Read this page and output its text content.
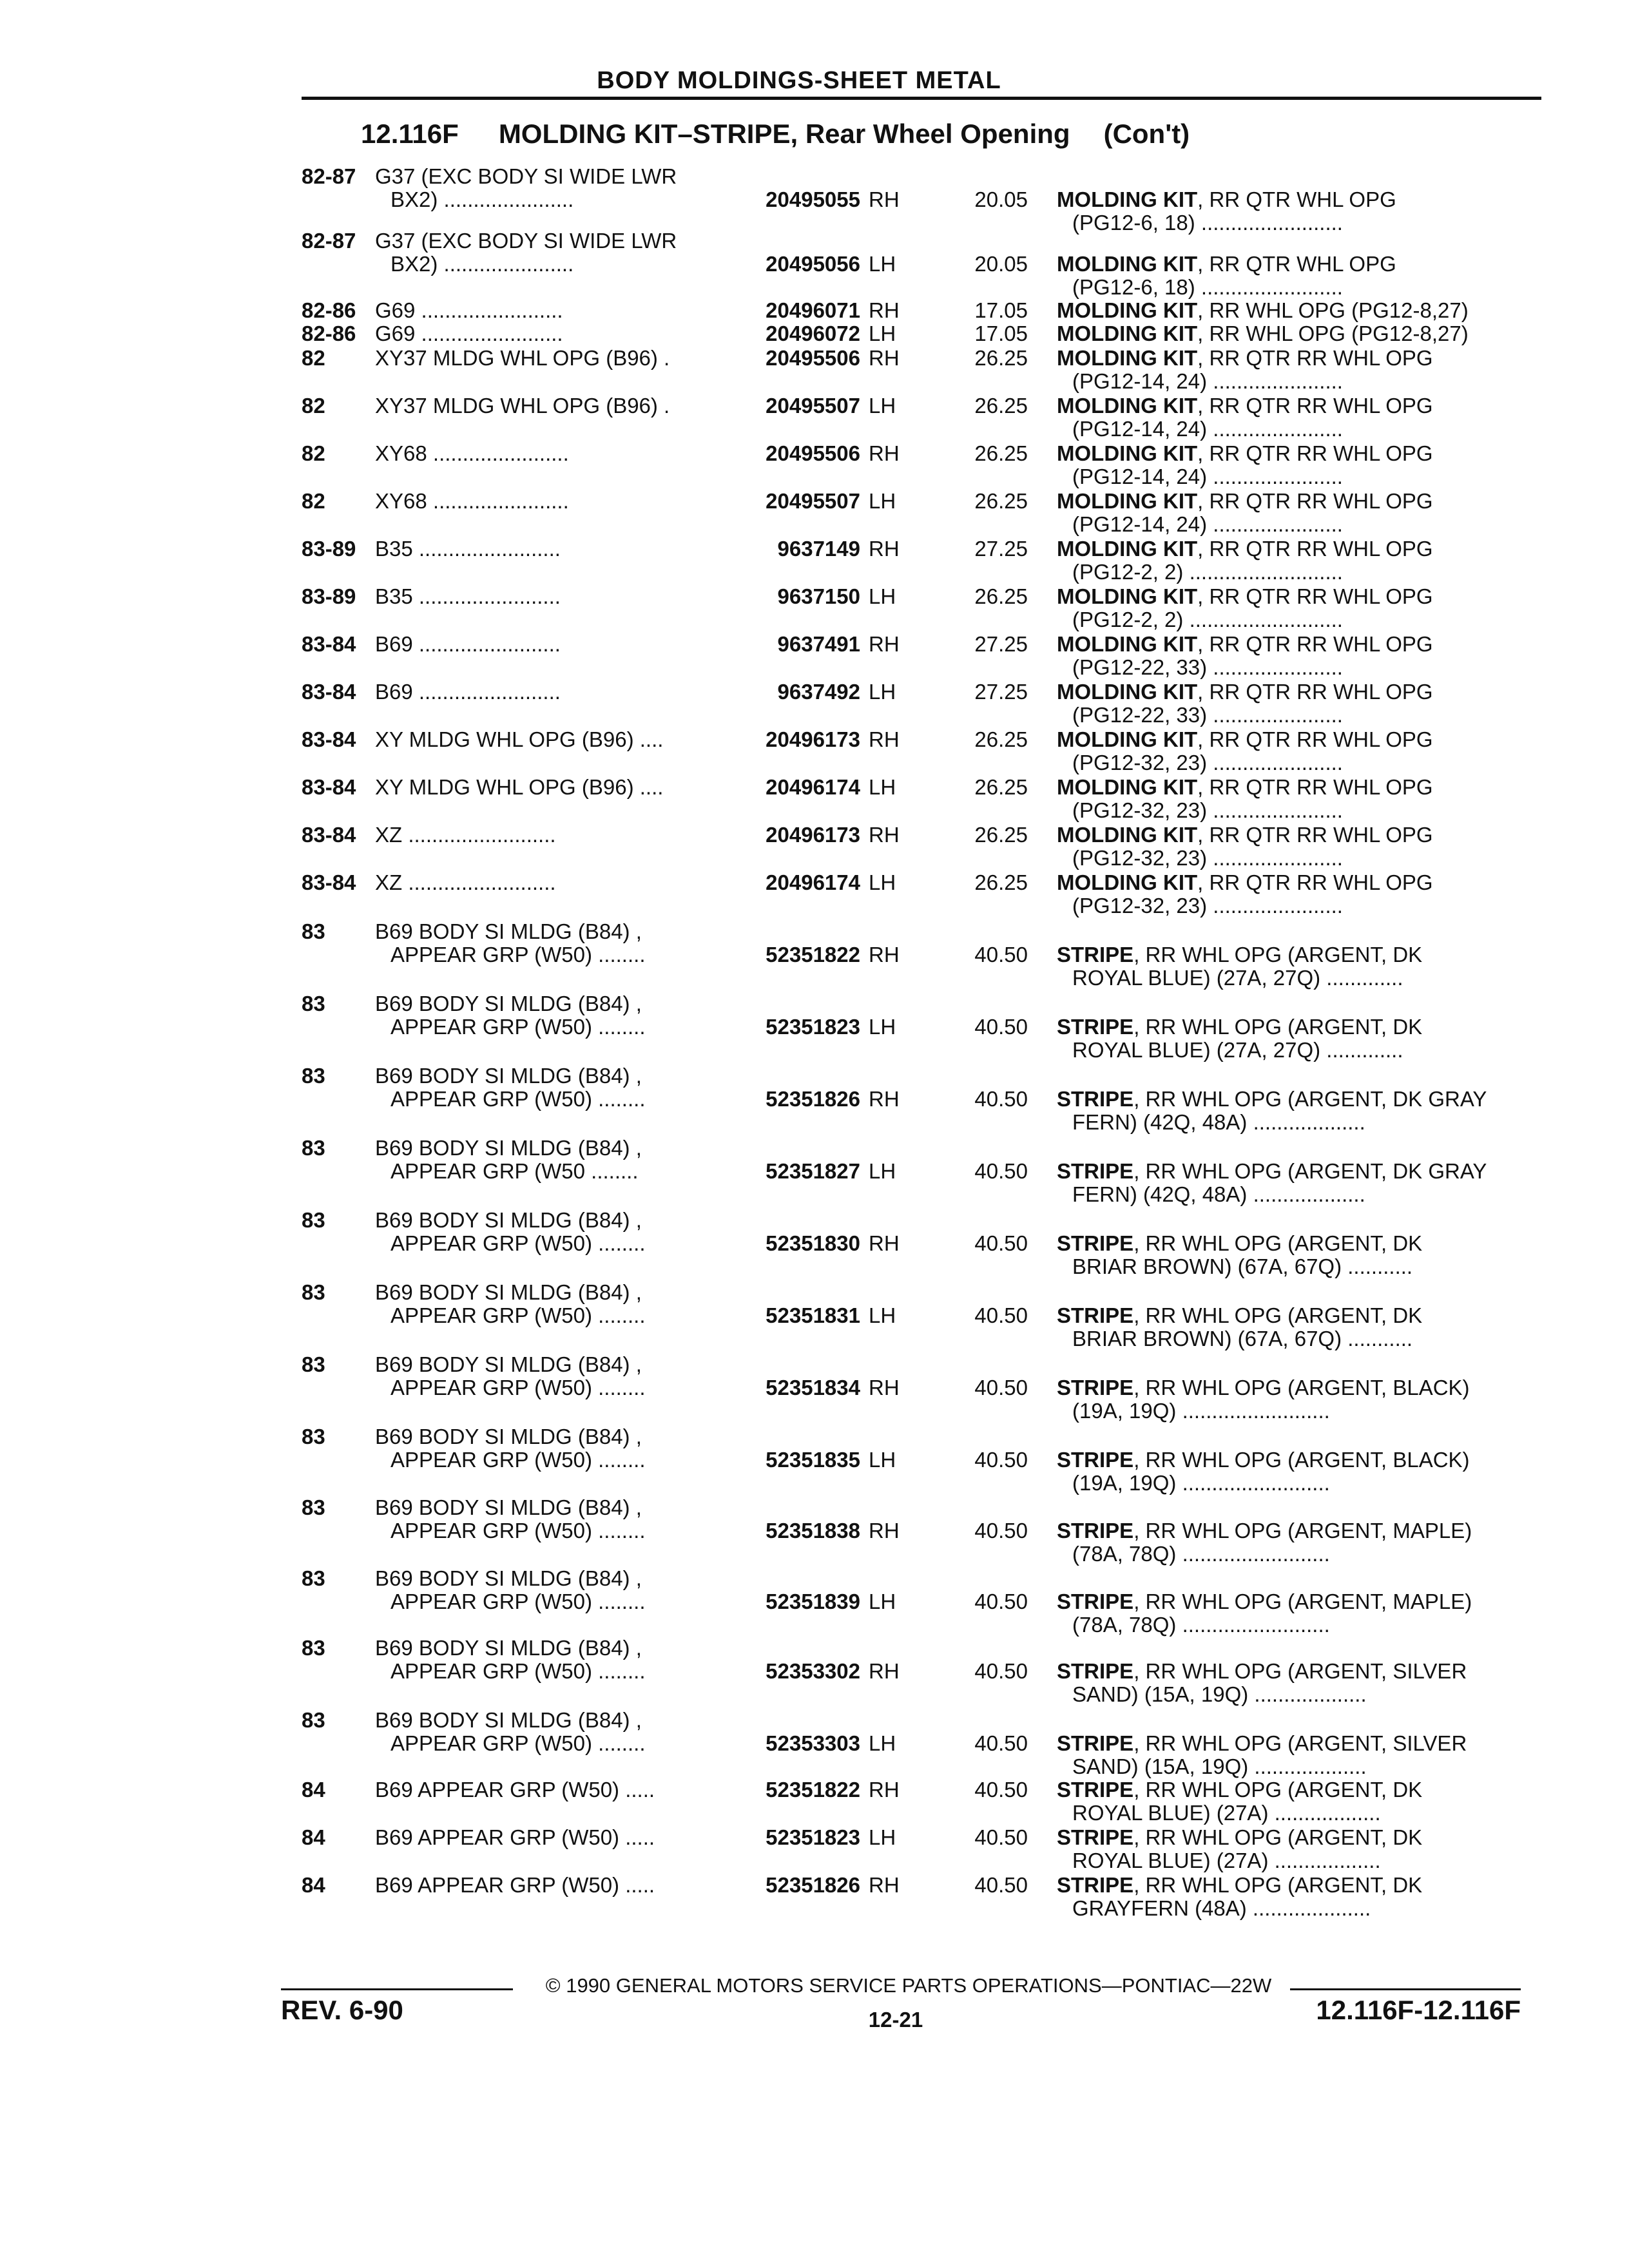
BODY MOLDINGS-SHEET METAL
12.116F MOLDING KIT–STRIPE, Rear Wheel Opening (Con't)
82-87 G37 (EXC BODY SI WIDE LWR
BX2) ......................	20495055 RH	20.05 MOLDING KIT, RR QTR WHL OPG
(PG12-6, 18) ........................
82-87 G37 (EXC BODY SI WIDE LWR
BX2) ......................	20495056 LH	20.05 MOLDING KIT, RR QTR WHL OPG
(PG12-6, 18) ........................
82-86 G69 ........................	20496071 RH	17.05 MOLDING KIT, RR WHL OPG (PG12-8,27)
82-86 G69 ........................	20496072 LH	17.05 MOLDING KIT, RR WHL OPG (PG12-8,27)
82	XY37 MLDG WHL OPG (B96) .	20495506 RH	26.25 MOLDING KIT, RR QTR RR WHL OPG
(PG12-14, 24) ......................
82	XY37 MLDG WHL OPG (B96) .	20495507 LH	26.25 MOLDING KIT, RR QTR RR WHL OPG
(PG12-14, 24) ......................
82	XY68 .......................	20495506 RH	26.25 MOLDING KIT, RR QTR RR WHL OPG
(PG12-14, 24) ......................
82	XY68 .......................	20495507 LH	26.25 MOLDING KIT, RR QTR RR WHL OPG
(PG12-14, 24) ......................
83-89 B35 ........................	9637149 RH	27.25 MOLDING KIT, RR QTR RR WHL OPG
(PG12-2, 2) ..........................
83-89 B35 ........................	9637150 LH	26.25 MOLDING KIT, RR QTR RR WHL OPG
(PG12-2, 2) ..........................
83-84 B69 ........................	9637491 RH	27.25 MOLDING KIT, RR QTR RR WHL OPG
(PG12-22, 33) ......................
83-84 B69 ........................	9637492 LH	27.25 MOLDING KIT, RR QTR RR WHL OPG
(PG12-22, 33) ......................
83-84 XY MLDG WHL OPG (B96) ....	20496173 RH	26.25 MOLDING KIT, RR QTR RR WHL OPG
(PG12-32, 23) ......................
83-84 XY MLDG WHL OPG (B96) ....	20496174 LH	26.25 MOLDING KIT, RR QTR RR WHL OPG
(PG12-32, 23) ......................
83-84 XZ .........................	20496173 RH	26.25 MOLDING KIT, RR QTR RR WHL OPG
(PG12-32, 23) ......................
83-84 XZ .........................	20496174 LH	26.25 MOLDING KIT, RR QTR RR WHL OPG
(PG12-32, 23) ......................
83	B69 BODY SI MLDG (B84) ,
APPEAR GRP (W50) ........	52351822 RH	40.50 STRIPE, RR WHL OPG (ARGENT, DK
ROYAL BLUE) (27A, 27Q) .............
83	B69 BODY SI MLDG (B84) ,
APPEAR GRP (W50) ........	52351823 LH	40.50 STRIPE, RR WHL OPG (ARGENT, DK
ROYAL BLUE) (27A, 27Q) .............
83	B69 BODY SI MLDG (B84) ,
APPEAR GRP (W50) ........	52351826 RH	40.50 STRIPE, RR WHL OPG (ARGENT, DK GRAY
FERN) (42Q, 48A) ...................
83	B69 BODY SI MLDG (B84) ,
APPEAR GRP (W50 ........	52351827 LH	40.50 STRIPE, RR WHL OPG (ARGENT, DK GRAY
FERN) (42Q, 48A) ...................
83	B69 BODY SI MLDG (B84) ,
APPEAR GRP (W50) ........	52351830 RH	40.50 STRIPE, RR WHL OPG (ARGENT, DK
BRIAR BROWN) (67A, 67Q) ...........
83	B69 BODY SI MLDG (B84) ,
APPEAR GRP (W50) ........	52351831 LH	40.50 STRIPE, RR WHL OPG (ARGENT, DK
BRIAR BROWN) (67A, 67Q) ...........
83	B69 BODY SI MLDG (B84) ,
APPEAR GRP (W50) ........	52351834 RH	40.50 STRIPE, RR WHL OPG (ARGENT, BLACK)
(19A, 19Q) .........................
83	B69 BODY SI MLDG (B84) ,
APPEAR GRP (W50) ........	52351835 LH	40.50 STRIPE, RR WHL OPG (ARGENT, BLACK)
(19A, 19Q) .........................
83	B69 BODY SI MLDG (B84) ,
APPEAR GRP (W50) ........	52351838 RH	40.50 STRIPE, RR WHL OPG (ARGENT, MAPLE)
(78A, 78Q) .........................
83	B69 BODY SI MLDG (B84) ,
APPEAR GRP (W50) ........	52351839 LH	40.50 STRIPE, RR WHL OPG (ARGENT, MAPLE)
(78A, 78Q) .........................
83	B69 BODY SI MLDG (B84) ,
APPEAR GRP (W50) ........	52353302 RH	40.50 STRIPE, RR WHL OPG (ARGENT, SILVER
SAND) (15A, 19Q) ...................
83	B69 BODY SI MLDG (B84) ,
APPEAR GRP (W50) ........	52353303 LH	40.50 STRIPE, RR WHL OPG (ARGENT, SILVER
SAND) (15A, 19Q) ...................
84	B69 APPEAR GRP (W50) .....	52351822 RH	40.50 STRIPE, RR WHL OPG (ARGENT, DK
ROYAL BLUE) (27A) ..................
84	B69 APPEAR GRP (W50) .....	52351823 LH	40.50 STRIPE, RR WHL OPG (ARGENT, DK
ROYAL BLUE) (27A) ..................
84	B69 APPEAR GRP (W50) .....	52351826 RH	40.50 STRIPE, RR WHL OPG (ARGENT, DK
GRAYFERN (48A) ....................
© 1990 GENERAL MOTORS SERVICE PARTS OPERATIONS—PONTIAC—22W
REV. 6-90	12-21	12.116F-12.116F
